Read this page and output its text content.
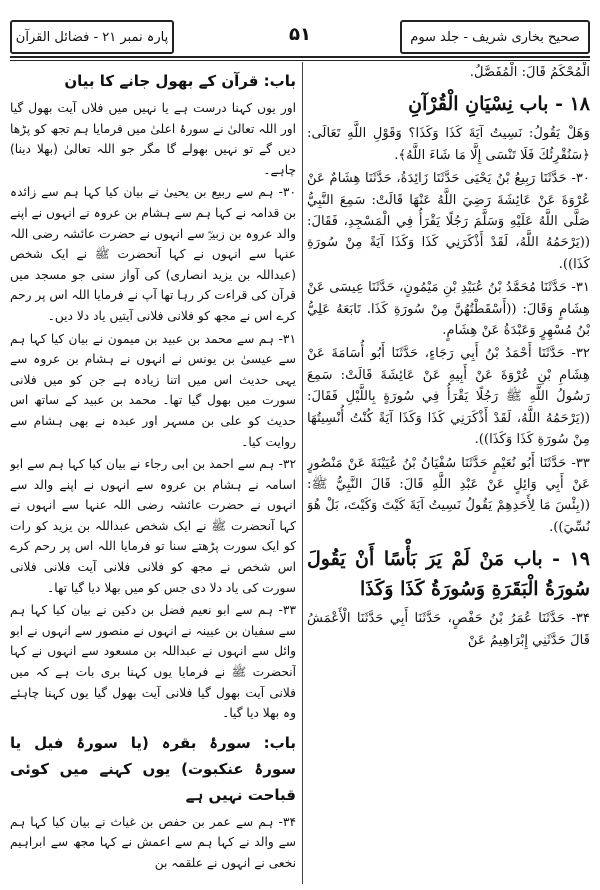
صحیح بخاری شریف - جلد سوم
۵۱
پارہ نمبر ۲۱ - فضائل القرآن

الْمُحْكَمُ قَالَ: الْمُفَصَّلُ.

۱۸ - باب نِسْيَانِ الْقُرْآنِ

وَهَلْ يَقُولُ: نَسِيتُ آيَةَ كَذَا وَكَذَا؟ وَقَوْلِ اللَّهِ تَعَالَى: ﴿سَنُقْرِئُكَ فَلَا تَنْسَى إِلَّا مَا شَاءَ اللَّهُ﴾.

۳۰- حَدَّثَنَا رَبِيعُ بْنُ يَحْيَى حَدَّثَنَا زَائِدَةُ، حَدَّثَنَا هِشَامٌ عَنْ عُرْوَةَ عَنْ عَائِشَةَ رَضِيَ اللَّهُ عَنْهَا قَالَتْ: سَمِعَ النَّبِيُّ صَلَّى اللَّهُ عَلَيْهِ وَسَلَّمَ رَجُلًا يَقْرَأُ فِي الْمَسْجِدِ، فَقَالَ: ((يَرْحَمُهُ اللَّهُ، لَقَدْ أَذْكَرَنِي كَذَا وَكَذَا آيَةً مِنْ سُورَةِ كَذَا)).

۳۱- حَدَّثَنَا مُحَمَّدُ بْنُ عُبَيْدِ بْنِ مَيْمُونٍ، حَدَّثَنَا عِيسَى عَنْ هِشَامٍ وَقَالَ: ((أَسْقَطْتُهُنَّ مِنْ سُورَةِ كَذَا. تَابَعَهُ عَلِيُّ بْنُ مُسْهِرٍ وَعَبْدَةُ عَنْ هِشَامٍ.

۳۲- حَدَّثَنَا أَحْمَدُ بْنُ أَبِي رَجَاءٍ، حَدَّثَنَا أَبُو أُسَامَةَ عَنْ هِشَامِ بْنِ عُرْوَةَ عَنْ أَبِيهِ عَنْ عَائِشَةَ قَالَتْ: سَمِعَ رَسُولُ اللَّهِ ﷺ رَجُلًا يَقْرَأُ فِي سُورَةٍ بِاللَّيْلِ فَقَالَ: ((يَرْحَمُهُ اللَّهُ، لَقَدْ أَذْكَرَنِي كَذَا وَكَذَا آيَةً كُنْتُ أُنْسِيتُهَا مِنْ سُورَةِ كَذَا وَكَذَا)).

۳۳- حَدَّثَنَا أَبُو نُعَيْمٍ حَدَّثَنَا سُفْيَانُ بْنُ عُيَيْنَةَ عَنْ مَنْصُورٍ عَنْ أَبِي وَائِلٍ عَنْ عَبْدِ اللَّهِ قَالَ: قَالَ النَّبِيُّ ﷺ: ((بِئْسَ مَا لِأَحَدِهِمْ يَقُولُ نَسِيتُ آيَةَ كَيْتَ وَكَيْتَ، بَلْ هُوَ نُسِّيَ)).

۱۹ - باب مَنْ لَمْ يَرَ بَأْسًا أَنْ يَقُولَ سُورَةُ الْبَقَرَةِ وَسُورَةُ كَذَا وَكَذَا

۳۴- حَدَّثَنَا عُمَرُ بْنُ حَفْصٍ، حَدَّثَنَا أَبِي حَدَّثَنَا الْأَعْمَشُ قَالَ حَدَّثَنِي إِبْرَاهِيمُ عَنْ

باب: قرآن کے بھول جانے کا بیان

اور یوں کہنا درست ہے یا نہیں میں فلاں آیت بھول گیا اور اللہ تعالیٰ نے سورۂ اعلیٰ میں فرمایا ہم تجھ کو پڑھا دیں گے تو نہیں بھولے گا مگر جو اللہ تعالیٰ (بھلا دینا) چاہے۔

۳۰- ہم سے ربیع بن یحییٰ نے بیان کیا کہا ہم سے زائدہ بن قدامہ نے کہا ہم سے ہشام بن عروہ نے انہوں نے اپنے والد عروہ بن زبیرؓ سے انہوں نے حضرت عائشہ رضی اللہ عنہا سے انہوں نے کہا آنحضرت ﷺ نے ایک شخص (عبداللہ بن یزید انصاری) کی آواز سنی جو مسجد میں قرآن کی قراءت کر رہا تھا آپ نے فرمایا اللہ اس پر رحم کرے اس نے مجھ کو فلانی فلانی آیتیں یاد دلا دیں۔

۳۱- ہم سے محمد بن عبید بن میمون نے بیان کیا کہا ہم سے عیسیٰ بن یونس نے انہوں نے ہشام بن عروہ سے یہی حدیث اس میں اتنا زیادہ ہے جن کو میں فلانی سورت میں بھول گیا تھا۔ محمد بن عبید کے ساتھ اس حدیث کو علی بن مسہر اور عبدہ نے بھی ہشام سے روایت کیا۔

۳۲- ہم سے احمد بن ابی رجاء نے بیان کیا کہا ہم سے ابو اسامہ نے ہشام بن عروہ سے انہوں نے اپنے والد سے انہوں نے حضرت عائشہ رضی اللہ عنہا سے انہوں نے کہا آنحضرت ﷺ نے ایک شخص عبداللہ بن یزید کو رات کو ایک سورت پڑھتے سنا تو فرمایا اللہ اس پر رحم کرے اس شخص نے مجھ کو فلانی فلانی آیت فلانی فلانی سورت کی یاد دلا دی جس کو میں بھلا دیا گیا تھا۔

۳۳- ہم سے ابو نعیم فضل بن دکین نے بیان کیا کہا ہم سے سفیان بن عیینہ نے انہوں نے منصور سے انہوں نے ابو وائل سے انہوں نے عبداللہ بن مسعود سے انہوں نے کہا آنحضرت ﷺ نے فرمایا یوں کہنا بری بات ہے کہ میں فلانی آیت بھول گیا فلانی آیت بھول گیا یوں کہنا چاہئے وہ بھلا دیا گیا۔

باب: سورۂ بقرہ (یا سورۂ فیل یا سورۂ عنکبوت) یوں کہنے میں کوئی قباحت نہیں ہے

۳۴- ہم سے عمر بن حفص بن غیاث نے بیان کیا کہا ہم سے والد نے کہا ہم سے اعمش نے کہا مجھ سے ابراہیم نخعی نے انہوں نے علقمہ بن
